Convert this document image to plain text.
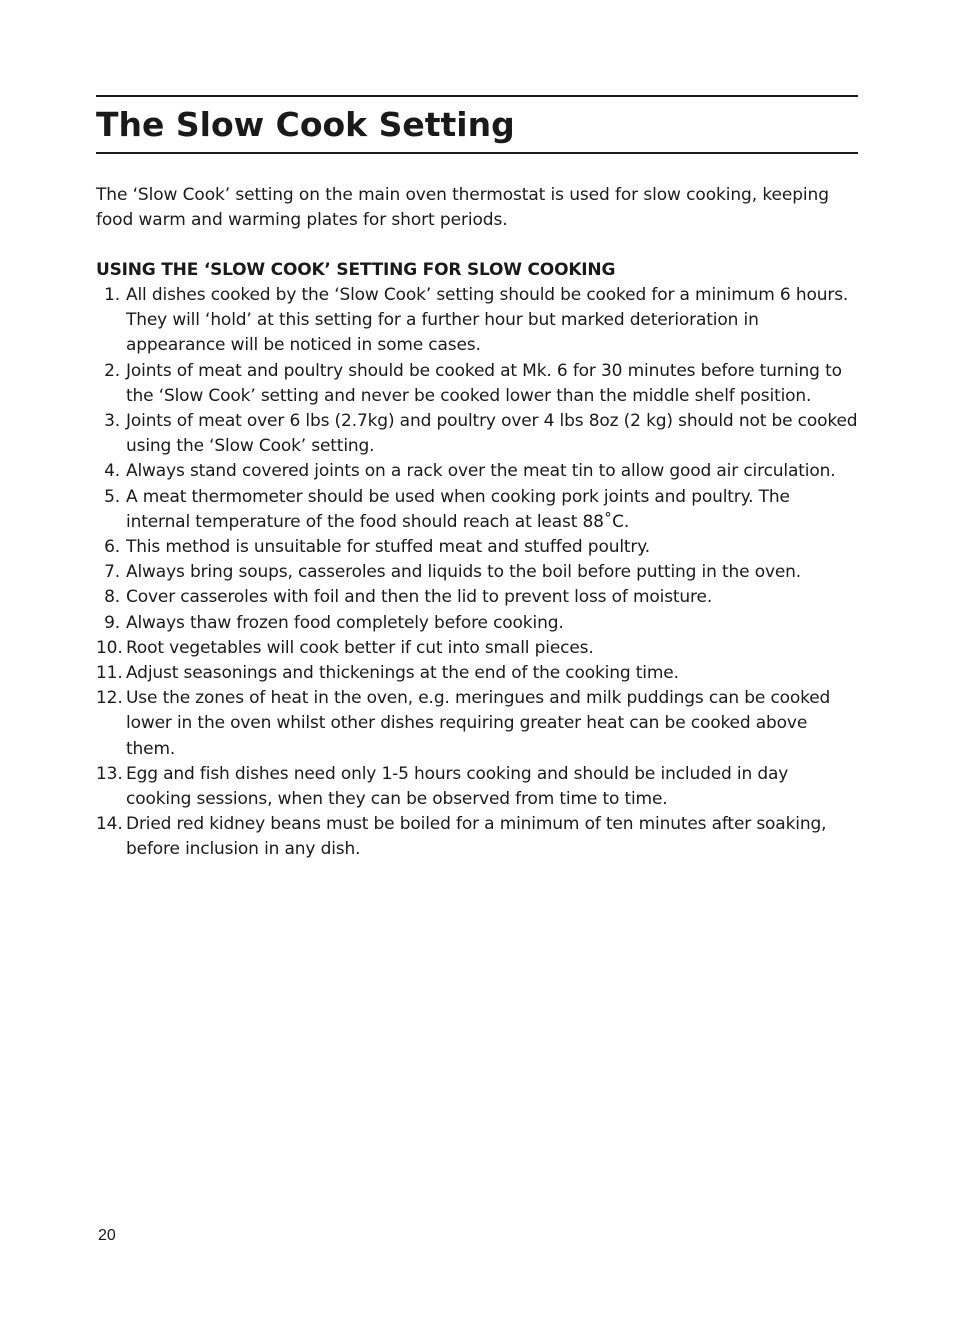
The Slow Cook Setting

The ‘Slow Cook’ setting on the main oven thermostat is used for slow cooking, keeping food warm and warming plates for short periods.

USING THE ‘SLOW COOK’ SETTING FOR SLOW COOKING
1. All dishes cooked by the ‘Slow Cook’ setting should be cooked for a minimum 6 hours. They will ‘hold’ at this setting for a further hour but marked deterioration in appearance will be noticed in some cases.
2. Joints of meat and poultry should be cooked at Mk. 6 for 30 minutes before turning to the ‘Slow Cook’ setting and never be cooked lower than the middle shelf position.
3. Joints of meat over 6 lbs (2.7kg) and poultry over 4 lbs 8oz (2 kg) should not be cooked using the ‘Slow Cook’ setting.
4. Always stand covered joints on a rack over the meat tin to allow good air circulation.
5. A meat thermometer should be used when cooking pork joints and poultry. The internal temperature of the food should reach at least 88˚C.
6. This method is unsuitable for stuffed meat and stuffed poultry.
7. Always bring soups, casseroles and liquids to the boil before putting in the oven.
8. Cover casseroles with foil and then the lid to prevent loss of moisture.
9. Always thaw frozen food completely before cooking.
10. Root vegetables will cook better if cut into small pieces.
11. Adjust seasonings and thickenings at the end of the cooking time.
12. Use the zones of heat in the oven, e.g. meringues and milk puddings can be cooked lower in the oven whilst other dishes requiring greater heat can be cooked above them.
13. Egg and fish dishes need only 1-5 hours cooking and should be included in day cooking sessions, when they can be observed from time to time.
14. Dried red kidney beans must be boiled for a minimum of ten minutes after soaking, before inclusion in any dish.
20
